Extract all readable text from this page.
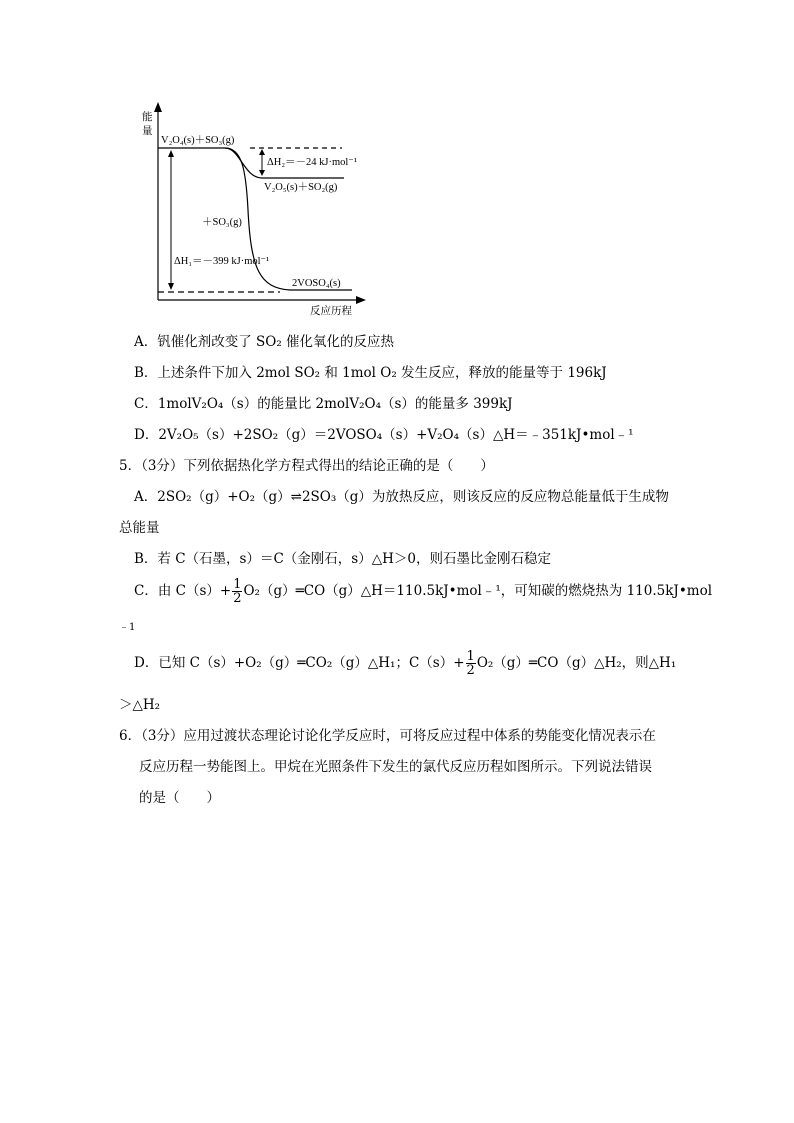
能
量
V₂O₄(s)＋SO₃(g)
ΔH₂＝－24 kJ·mol⁻¹
V₂O₅(s)＋SO₂(g)
＋SO₃(g)
ΔH₁＝－399 kJ·mol⁻¹
2VOSO₄(s)
反应历程
A．钒催化剂改变了 SO₂ 催化氧化的反应热
B．上述条件下加入 2mol SO₂ 和 1mol O₂ 发生反应，释放的能量等于 196kJ
C．1molV₂O₄（s）的能量比 2molV₂O₄（s）的能量多 399kJ
D．2V₂O₅（s）+2SO₂（g）＝2VOSO₄（s）+V₂O₄（s）△H＝﹣351kJ•mol﹣¹
5．（3分）下列依据热化学方程式得出的结论正确的是（　　）
A．2SO₂（g）+O₂（g）⇌2SO₃（g）为放热反应，则该反应的反应物总能量低于生成物
总能量
B．若 C（石墨，s）＝C（金刚石，s）△H＞0，则石墨比金刚石稳定
C．由 $C(s)+ \frac{1}{2}$ O₂（g）═CO（g）△H＝110.5kJ•mol﹣¹，可知碳的燃烧热为 110.5kJ•mol
﹣1
D．已知 C（s）+O₂（g）═CO₂（g）△H₁；$C(s)+ \frac{1}{2}$ O₂（g）═CO（g）△H₂，则△H₁
＞△H₂
6．（3分）应用过渡状态理论讨论化学反应时，可将反应过程中体系的势能变化情况表示在
反应历程一势能图上。甲烷在光照条件下发生的氯代反应历程如图所示。下列说法错误
的是（　　）
